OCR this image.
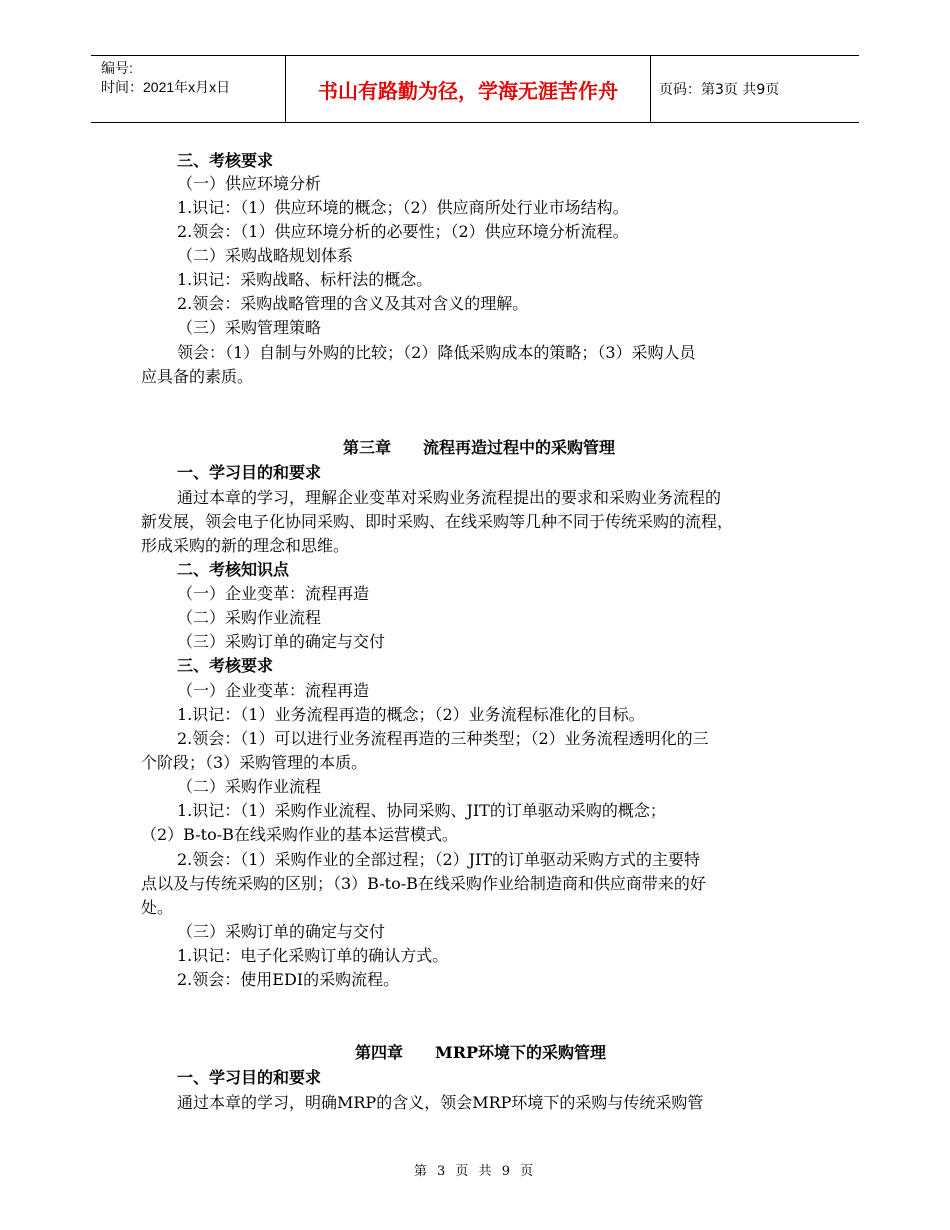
编号:
时间：2021年x月x日	书山有路勤为径，学海无涯苦作舟	页码：第3页 共9页
三、考核要求
（一）供应环境分析
1.识记：（1）供应环境的概念；（2）供应商所处行业市场结构。
2.领会：（1）供应环境分析的必要性；（2）供应环境分析流程。
（二）采购战略规划体系
1.识记：采购战略、标杆法的概念。
2.领会：采购战略管理的含义及其对含义的理解。
（三）采购管理策略
领会：（1）自制与外购的比较；（2）降低采购成本的策略；（3）采购人员
应具备的素质。
第三章　　流程再造过程中的采购管理
一、学习目的和要求
通过本章的学习，理解企业变革对采购业务流程提出的要求和采购业务流程的
新发展，领会电子化协同采购、即时采购、在线采购等几种不同于传统采购的流程，
形成采购的新的理念和思维。
二、考核知识点
（一）企业变革：流程再造
（二）采购作业流程
（三）采购订单的确定与交付
三、考核要求
（一）企业变革：流程再造
1.识记：（1）业务流程再造的概念；（2）业务流程标准化的目标。
2.领会：（1）可以进行业务流程再造的三种类型；（2）业务流程透明化的三
个阶段；（3）采购管理的本质。
（二）采购作业流程
1.识记：（1）采购作业流程、协同采购、JIT的订单驱动采购的概念；
（2）B-to-B在线采购作业的基本运营模式。
2.领会：（1）采购作业的全部过程；（2）JIT的订单驱动采购方式的主要特
点以及与传统采购的区别；（3）B-to-B在线采购作业给制造商和供应商带来的好
处。
（三）采购订单的确定与交付
1.识记：电子化采购订单的确认方式。
2.领会：使用EDI的采购流程。
第四章　　MRP环境下的采购管理
一、学习目的和要求
通过本章的学习，明确MRP的含义，领会MRP环境下的采购与传统采购管
第 3 页 共 9 页
